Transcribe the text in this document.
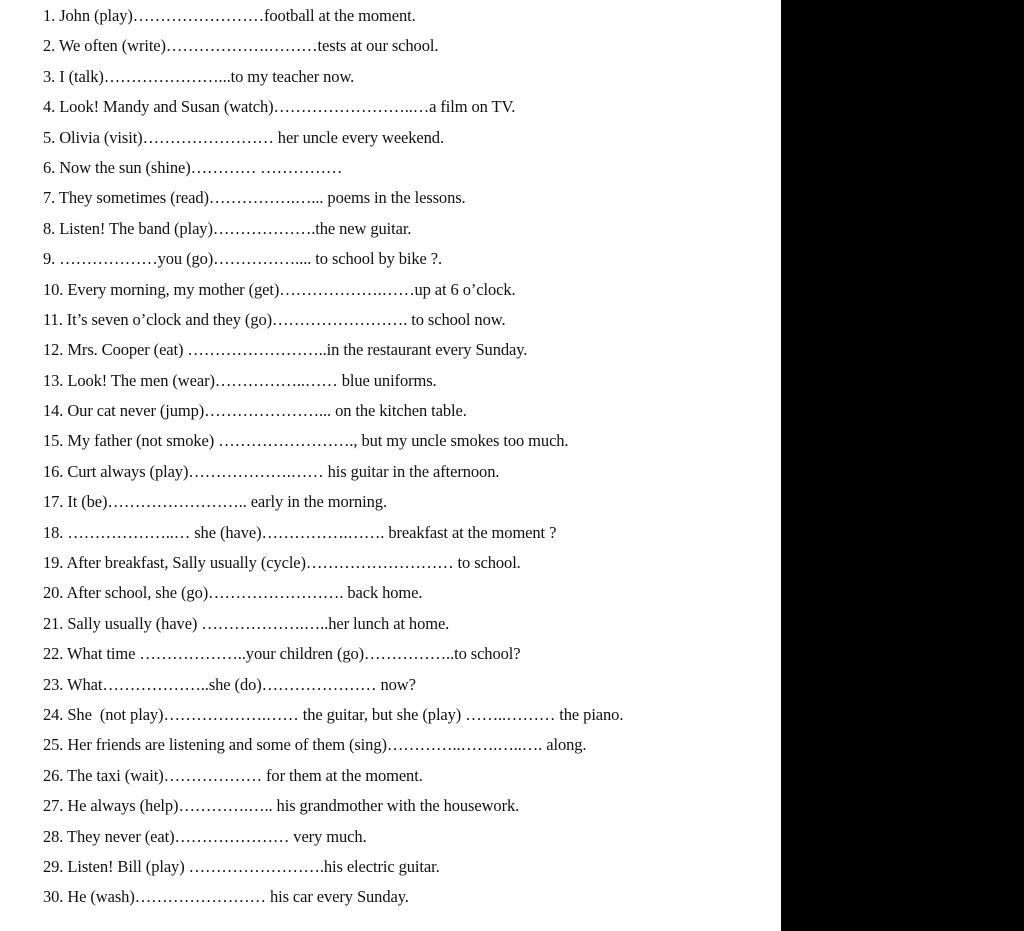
1. John (play)……………………football at the moment.
2. We often (write)……………….………tests at our school.
3. I (talk)…………………...to my teacher now.
4. Look! Mandy and Susan (watch)……………………..…a film on TV.
5. Olivia (visit)…………………… her uncle every weekend.
6. Now the sun (shine)………… ……………
7. They sometimes (read)…………….…... poems in the lessons.
8. Listen! The band (play)……………….the new guitar.
9. ………………you (go)…………….... to school by bike ?.
10. Every morning, my mother (get)……………….……up at 6 o’clock.
11. It’s seven o’clock and they (go)……………………. to school now.
12. Mrs. Cooper (eat) ……………………..in the restaurant every Sunday.
13. Look! The men (wear)……………..…… blue uniforms.
14. Our cat never (jump)…………………... on the kitchen table.
15. My father (not smoke) ……………………., but my uncle smokes too much.
16. Curt always (play)……………….…… his guitar in the afternoon.
17. It (be)…………………….. early in the morning.
18. ………………..… she (have)…………….……. breakfast at the moment ?
19. After breakfast, Sally usually (cycle)……………………… to school.
20. After school, she (go)……………………. back home.
21. Sally usually (have) ……………….…..her lunch at home.
22. What time ………………..your children (go)……………..to school?
23. What………………..she (do)………………… now?
24. She  (not play)……………….…… the guitar, but she (play) ……..……… the piano.
25. Her friends are listening and some of them (sing)…………..…….…..…. along.
26. The taxi (wait)……………… for them at the moment.
27. He always (help)………….….. his grandmother with the housework.
28. They never (eat)………………… very much.
29. Listen! Bill (play) …………………….his electric guitar.
30. He (wash)…………………… his car every Sunday.
